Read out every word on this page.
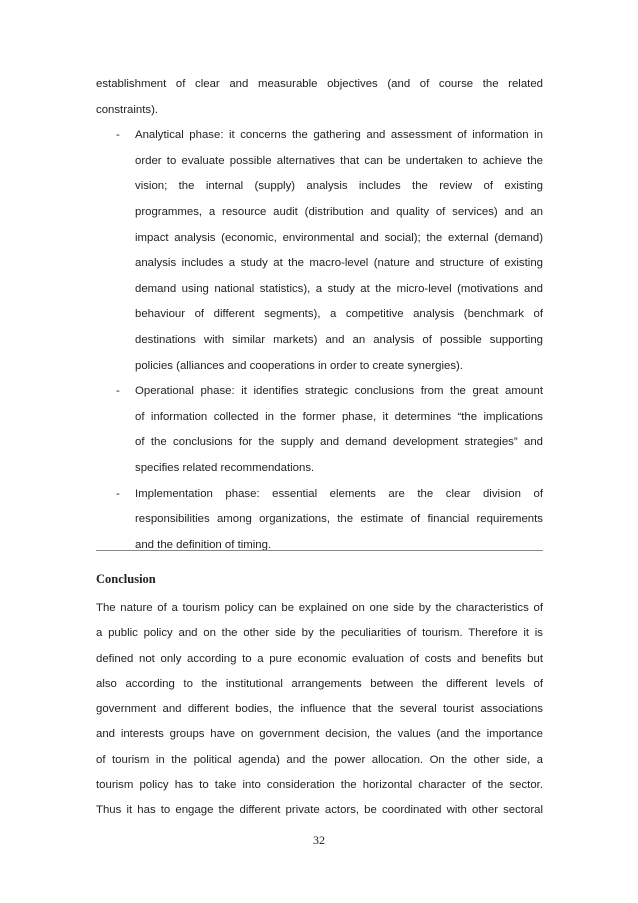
establishment of clear and measurable objectives (and of course the related
constraints).
- Analytical phase: it concerns the gathering and assessment of information in
order to evaluate possible alternatives that can be undertaken to achieve the
vision; the internal (supply) analysis includes the review of existing
programmes, a resource audit (distribution and quality of services) and an
impact analysis (economic, environmental and social); the external (demand)
analysis includes a study at the macro-level (nature and structure of existing
demand using national statistics), a study at the micro-level (motivations and
behaviour of different segments), a competitive analysis (benchmark of
destinations with similar markets) and an analysis of possible supporting
policies (alliances and cooperations in order to create synergies).
- Operational phase: it identifies strategic conclusions from the great amount
of information collected in the former phase, it determines “the implications
of the conclusions for the supply and demand development strategies” and
specifies related recommendations.
- Implementation phase: essential elements are the clear division of
responsibilities among organizations, the estimate of financial requirements
and the definition of timing.
Conclusion
The nature of a tourism policy can be explained on one side by the characteristics of
a public policy and on the other side by the peculiarities of tourism. Therefore it is
defined not only according to a pure economic evaluation of costs and benefits but
also according to the institutional arrangements between the different levels of
government and different bodies, the influence that the several tourist associations
and interests groups have on government decision, the values (and the importance
of tourism in the political agenda) and the power allocation. On the other side, a
tourism policy has to take into consideration the horizontal character of the sector.
Thus it has to engage the different private actors, be coordinated with other sectoral
32
